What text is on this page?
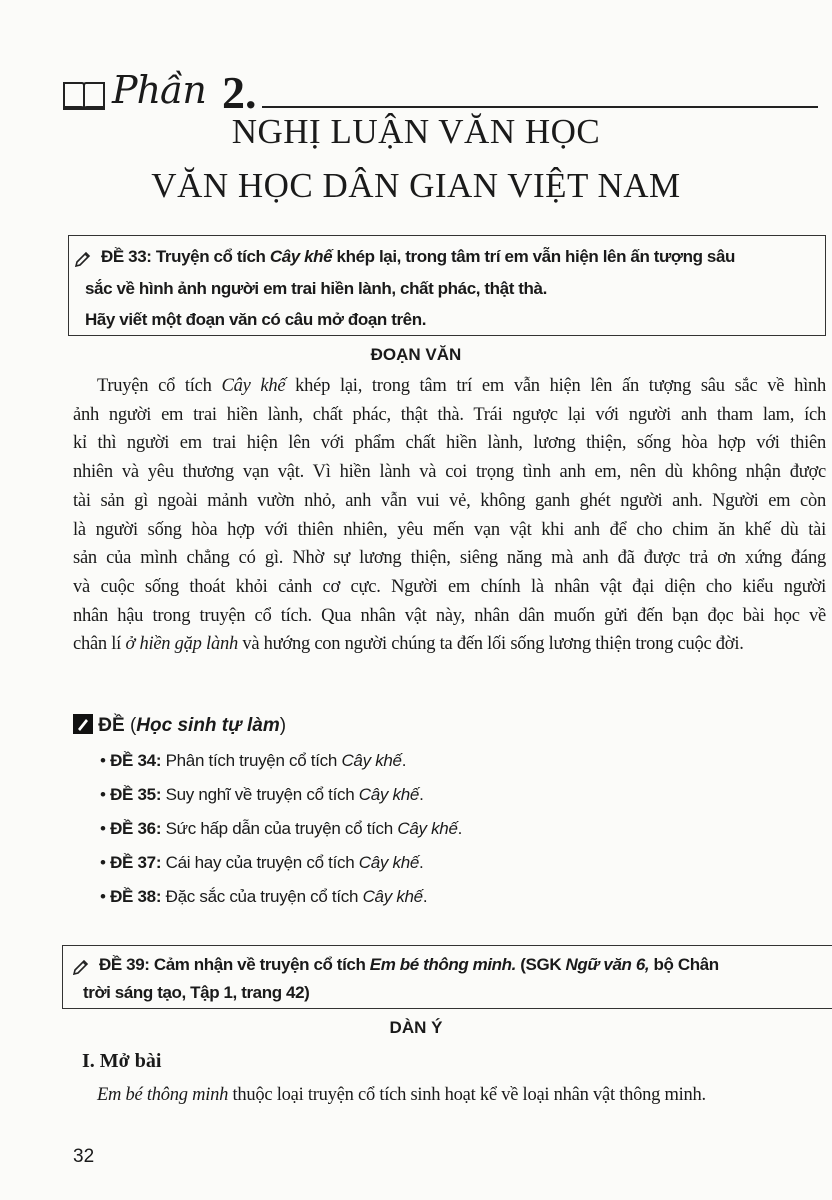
Phần 2.
NGHỊ LUẬN VĂN HỌC
VĂN HỌC DÂN GIAN VIỆT NAM
ĐỀ 33: Truyện cổ tích Cây khế khép lại, trong tâm trí em vẫn hiện lên ấn tượng sâu
sắc về hình ảnh người em trai hiền lành, chất phác, thật thà.
Hãy viết một đoạn văn có câu mở đoạn trên.
ĐOẠN VĂN
Truyện cổ tích Cây khế khép lại, trong tâm trí em vẫn hiện lên ấn tượng sâu sắc về hình
ảnh người em trai hiền lành, chất phác, thật thà. Trái ngược lại với người anh tham lam, ích
kỉ thì người em trai hiện lên với phẩm chất hiền lành, lương thiện, sống hòa hợp với thiên
nhiên và yêu thương vạn vật. Vì hiền lành và coi trọng tình anh em, nên dù không nhận được
tài sản gì ngoài mảnh vườn nhỏ, anh vẫn vui vẻ, không ganh ghét người anh. Người em còn
là người sống hòa hợp với thiên nhiên, yêu mến vạn vật khi anh để cho chim ăn khế dù tài
sản của mình chẳng có gì. Nhờ sự lương thiện, siêng năng mà anh đã được trả ơn xứng đáng
và cuộc sống thoát khỏi cảnh cơ cực. Người em chính là nhân vật đại diện cho kiểu người
nhân hậu trong truyện cổ tích. Qua nhân vật này, nhân dân muốn gửi đến bạn đọc bài học về
chân lí ở hiền gặp lành và hướng con người chúng ta đến lối sống lương thiện trong cuộc đời.
ĐỀ (Học sinh tự làm)
• ĐỀ 34: Phân tích truyện cổ tích Cây khế.
• ĐỀ 35: Suy nghĩ về truyện cổ tích Cây khế.
• ĐỀ 36: Sức hấp dẫn của truyện cổ tích Cây khế.
• ĐỀ 37: Cái hay của truyện cổ tích Cây khế.
• ĐỀ 38: Đặc sắc của truyện cổ tích Cây khế.
ĐỀ 39: Cảm nhận về truyện cổ tích Em bé thông minh. (SGK Ngữ văn 6, bộ Chân
trời sáng tạo, Tập 1, trang 42)
DÀN Ý
I. Mở bài
Em bé thông minh thuộc loại truyện cổ tích sinh hoạt kể về loại nhân vật thông minh.
32
